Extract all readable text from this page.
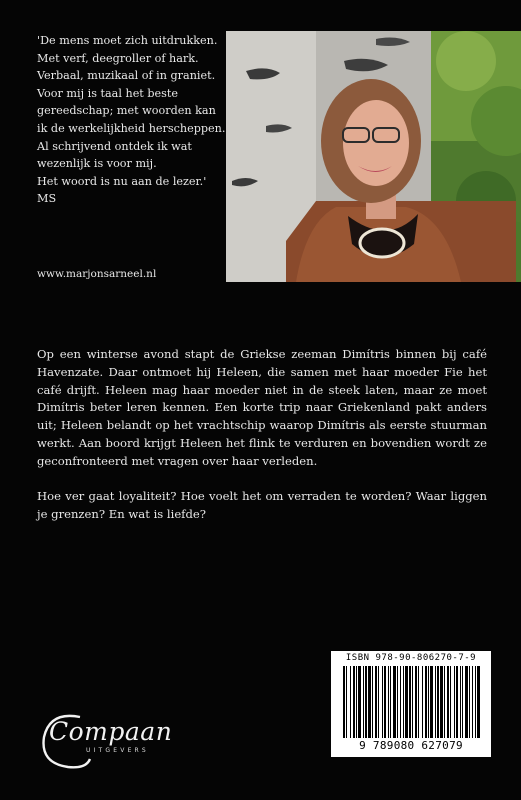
'De mens moet zich uitdrukken.
Met verf, deegroller of hark.
Verbaal, muzikaal of in graniet.
Voor mij is taal het beste
gereedschap; met woorden kan
ik de werkelijkheid herscheppen.
Al schrijvend ontdek ik wat
wezenlijk is voor mij.
Het woord is nu aan de lezer.'
MS
www.marjonsarneel.nl

Op een winterse avond stapt de Griekse zeeman Dimítris binnen bij café Havenzate. Daar ontmoet hij Heleen, die samen met haar moeder Fie het café drijft. Heleen mag haar moeder niet in de steek laten, maar ze moet Dimítris beter leren kennen. Een korte trip naar Griekenland pakt anders uit; Heleen belandt op het vrachtschip waarop Dimítris als eerste stuurman werkt. Aan boord krijgt Heleen het flink te verduren en bovendien wordt ze geconfronteerd met vragen over haar verleden.

Hoe ver gaat loyaliteit? Hoe voelt het om verraden te worden? Waar liggen je grenzen? En wat is liefde?

ISBN 978-90-806270-7-9
9 789080 627079
Compaan
UITGEVERS
